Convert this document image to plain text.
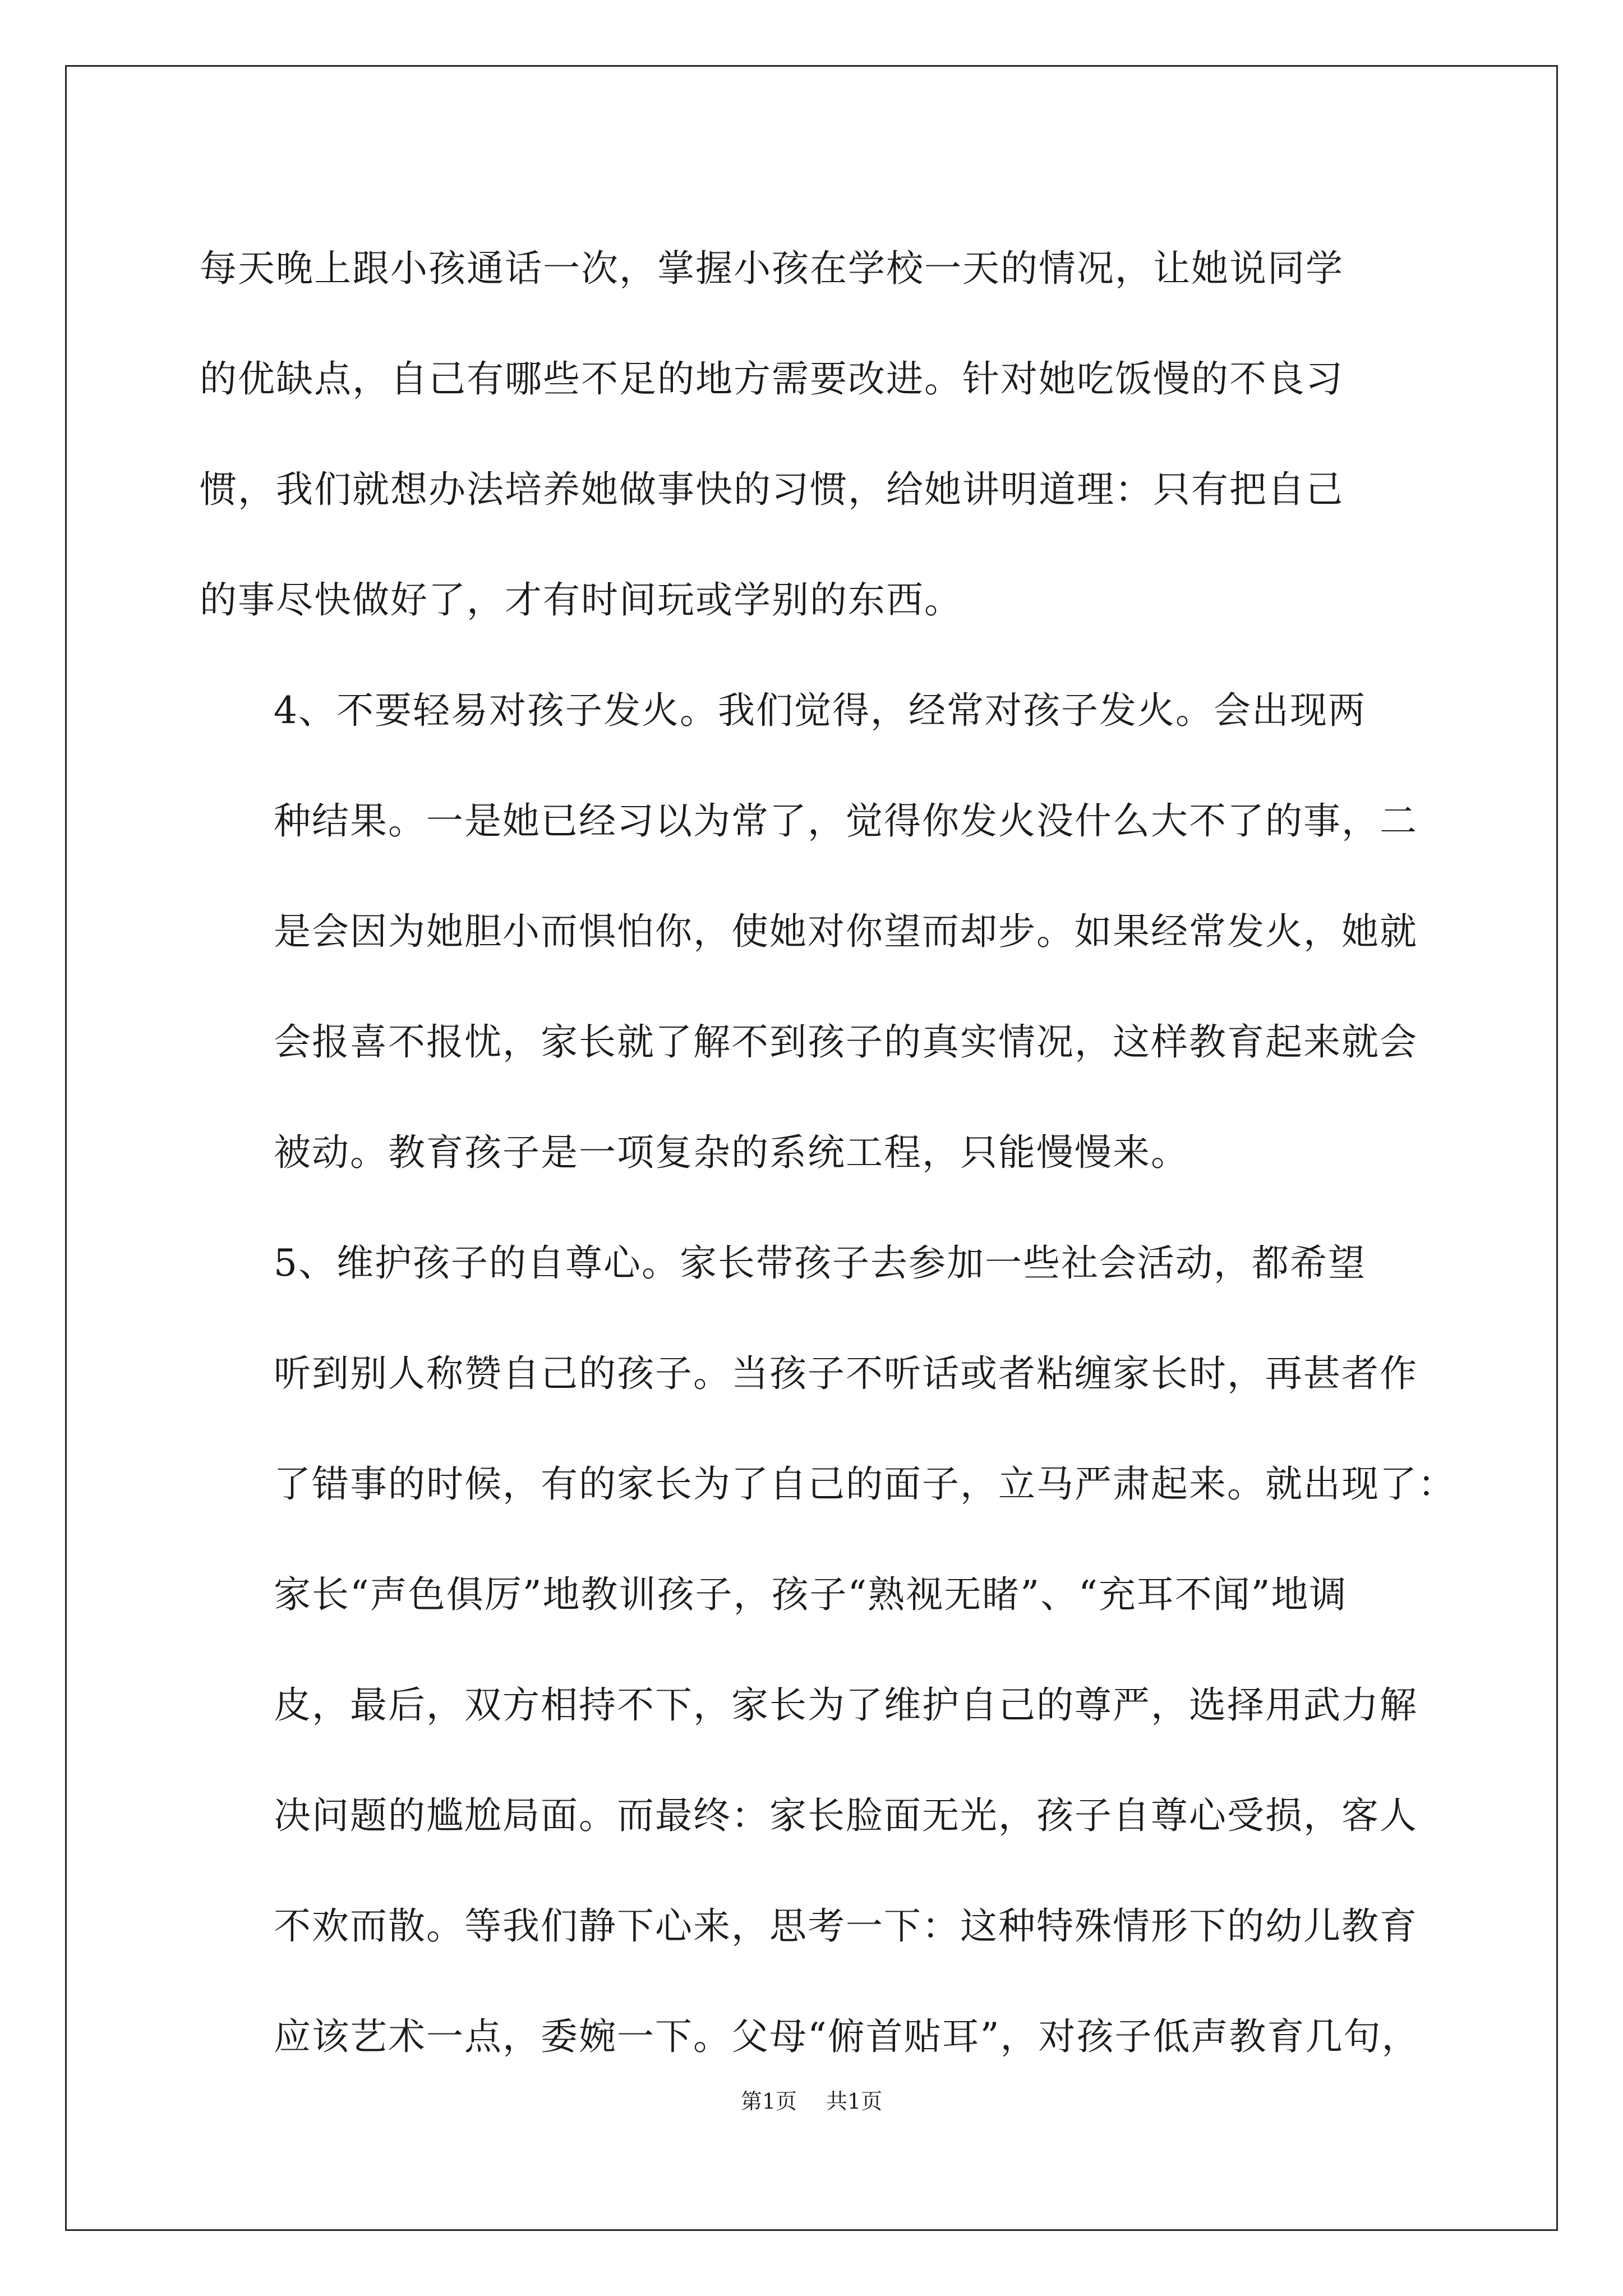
每天晚上跟小孩通话一次，掌握小孩在学校一天的情况，让她说同学
的优缺点，自己有哪些不足的地方需要改进。针对她吃饭慢的不良习
惯，我们就想办法培养她做事快的习惯，给她讲明道理：只有把自己
的事尽快做好了，才有时间玩或学别的东西。

4、不要轻易对孩子发火。我们觉得，经常对孩子发火。会出现两
种结果。一是她已经习以为常了，觉得你发火没什么大不了的事，二
是会因为她胆小而惧怕你，使她对你望而却步。如果经常发火，她就
会报喜不报忧，家长就了解不到孩子的真实情况，这样教育起来就会
被动。教育孩子是一项复杂的系统工程，只能慢慢来。

5、维护孩子的自尊心。家长带孩子去参加一些社会活动，都希望
听到别人称赞自己的孩子。当孩子不听话或者粘缠家长时，再甚者作
了错事的时候，有的家长为了自己的面子，立马严肃起来。就出现了：
家长“声色俱厉”地教训孩子，孩子“熟视无睹”、“充耳不闻”地调
皮，最后，双方相持不下，家长为了维护自己的尊严，选择用武力解
决问题的尴尬局面。而最终：家长脸面无光，孩子自尊心受损，客人
不欢而散。等我们静下心来，思考一下：这种特殊情形下的幼儿教育
应该艺术一点，委婉一下。父母“俯首贴耳”，对孩子低声教育几句，

第1页 共1页
